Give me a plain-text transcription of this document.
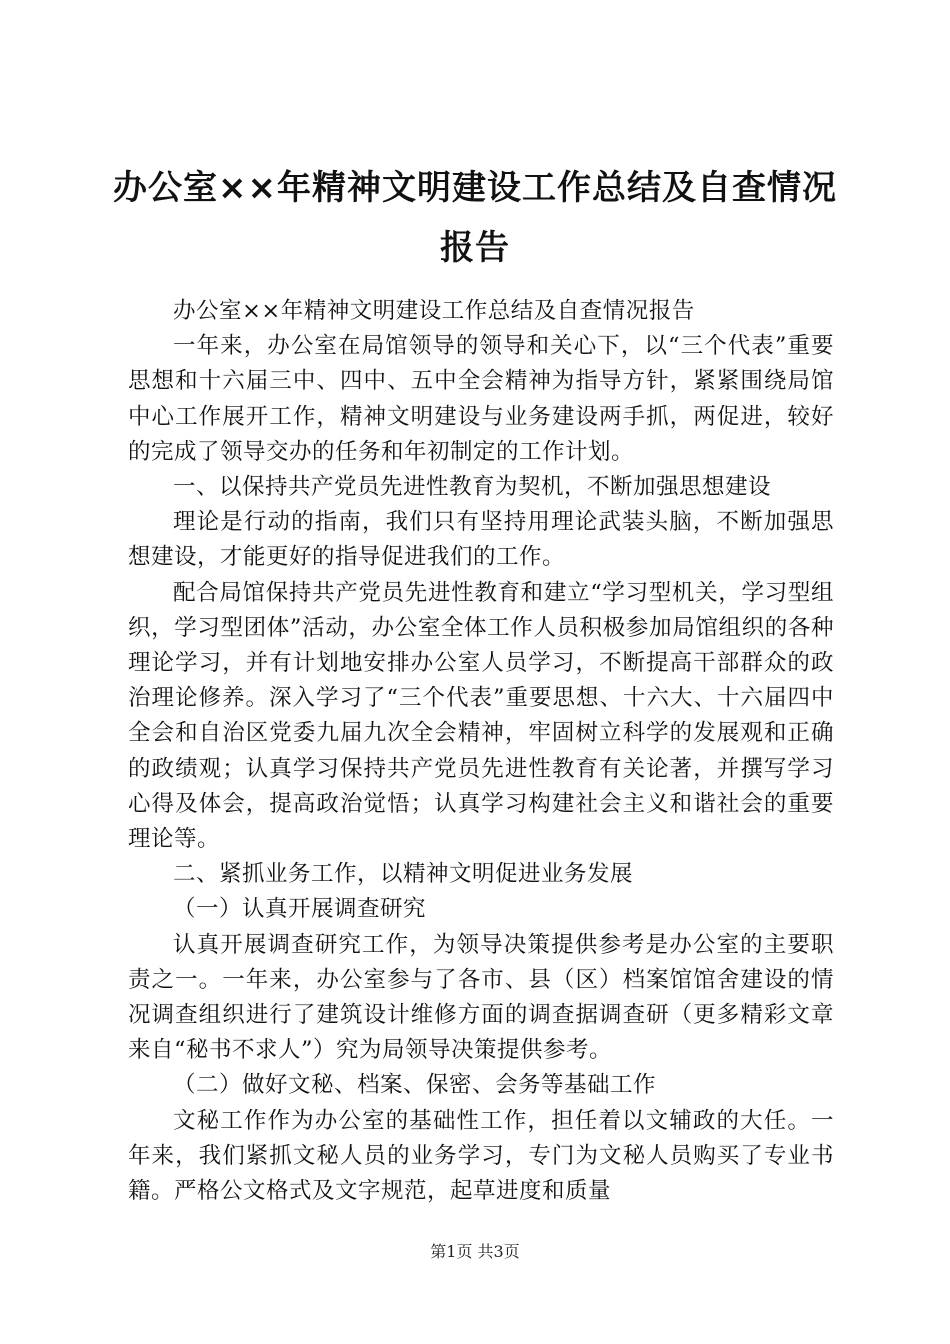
办公室××年精神文明建设工作总结及自查情况报告

办公室××年精神文明建设工作总结及自查情况报告

一年来，办公室在局馆领导的领导和关心下，以“三个代表”重要思想和十六届三中、四中、五中全会精神为指导方针，紧紧围绕局馆中心工作展开工作，精神文明建设与业务建设两手抓，两促进，较好的完成了领导交办的任务和年初制定的工作计划。

一、以保持共产党员先进性教育为契机，不断加强思想建设

理论是行动的指南，我们只有坚持用理论武装头脑，不断加强思想建设，才能更好的指导促进我们的工作。

配合局馆保持共产党员先进性教育和建立“学习型机关，学习型组织，学习型团体”活动，办公室全体工作人员积极参加局馆组织的各种理论学习，并有计划地安排办公室人员学习，不断提高干部群众的政治理论修养。深入学习了“三个代表”重要思想、十六大、十六届四中全会和自治区党委九届九次全会精神，牢固树立科学的发展观和正确的政绩观；认真学习保持共产党员先进性教育有关论著，并撰写学习心得及体会，提高政治觉悟；认真学习构建社会主义和谐社会的重要理论等。

二、紧抓业务工作，以精神文明促进业务发展

（一）认真开展调查研究

认真开展调查研究工作，为领导决策提供参考是办公室的主要职责之一。一年来，办公室参与了各市、县（区）档案馆馆舍建设的情况调查组织进行了建筑设计维修方面的调查据调查研（更多精彩文章来自“秘书不求人”）究为局领导决策提供参考。

（二）做好文秘、档案、保密、会务等基础工作

文秘工作作为办公室的基础性工作，担任着以文辅政的大任。一年来，我们紧抓文秘人员的业务学习，专门为文秘人员购买了专业书籍。严格公文格式及文字规范，起草进度和质量

第1页 共3页
